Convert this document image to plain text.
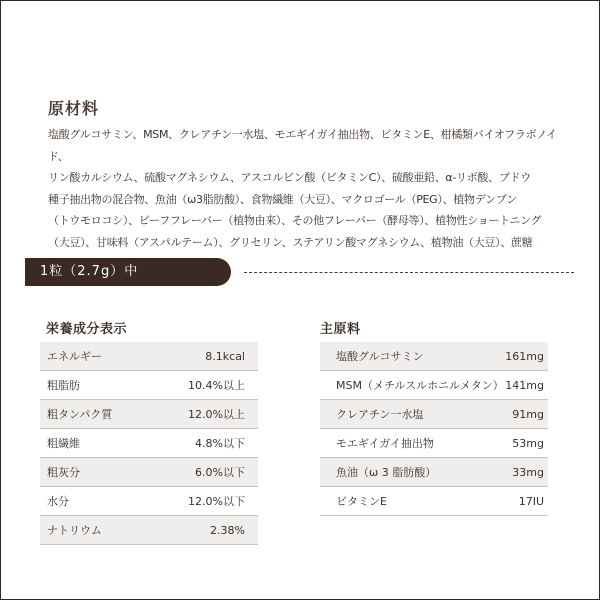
原材料
塩酸グルコサミン、MSM、クレアチン一水塩、モエギイガイ抽出物、ビタミンE、柑橘類バイオフラボノイド、
リン酸カルシウム、硫酸マグネシウム、アスコルビン酸（ビタミンC）、硫酸亜鉛、α-リポ酸、ブドウ
種子抽出物の混合物、魚油（ω3脂肪酸）、食物繊維（大豆）、マクロゴール（PEG）、植物デンプン
（トウモロコシ）、ビーフフレーバー（植物由来）、その他フレーバー（酵母等）、植物性ショートニング
（大豆）、甘味料（アスパルテーム）、グリセリン、ステアリン酸マグネシウム、植物油（大豆）、蔗糖
1粒（2.7g）中
栄養成分表示
エネルギー	8.1kcal
粗脂肪	10.4%以上
粗タンパク質	12.0%以上
粗繊維	4.8%以下
粗灰分	6.0%以下
水分	12.0%以下
ナトリウム	2.38%
主原料
塩酸グルコサミン	161mg
MSM（メチルスルホニルメタン） 141mg
クレアチン一水塩	91mg
モエギイガイ抽出物	53mg
魚油（ω 3 脂肪酸）	33mg
ビタミンE	17IU
